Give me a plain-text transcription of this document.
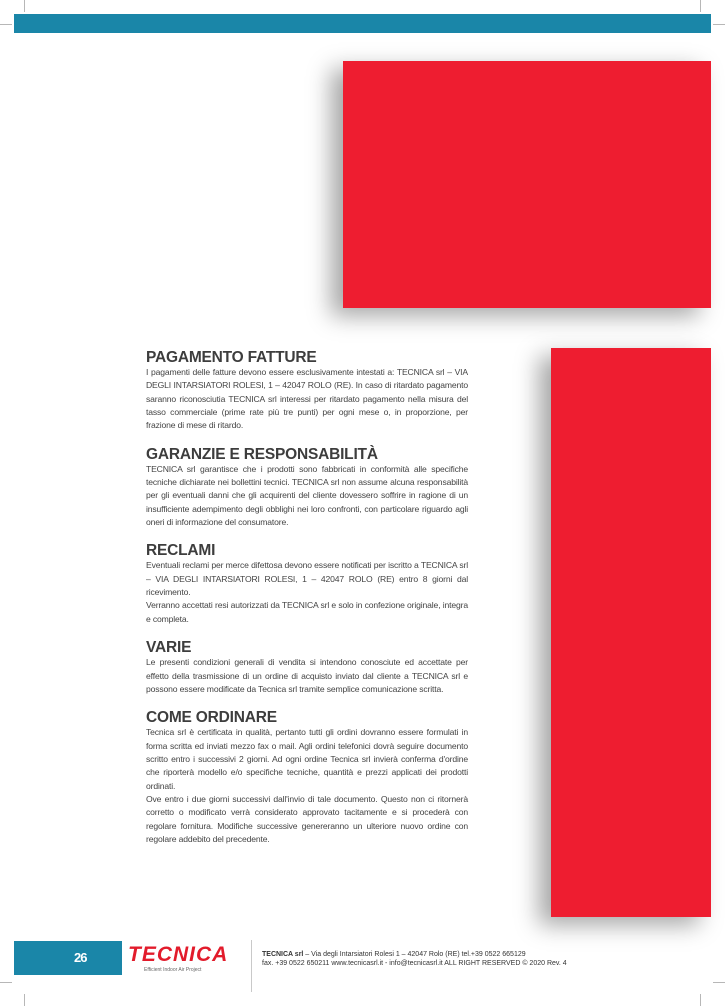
PAGAMENTO FATTURE

I pagamenti delle fatture devono essere esclusivamente intestati a: TECNICA srl – VIA DEGLI INTARSIATORI ROLESI, 1 – 42047 ROLO (RE). In caso di ritardato pagamento saranno riconosciutia TECNICA srl interessi per ritardato pagamento nella misura del tasso commerciale (prime rate più tre punti) per ogni mese o, in proporzione, per frazione di mese di ritardo.

GARANZIE E RESPONSABILITÀ

TECNICA srl garantisce che i prodotti sono fabbricati in conformità alle specifiche tecniche dichiarate nei bollettini tecnici. TECNICA srl non assume alcuna responsabilità per gli eventuali danni che gli acquirenti del cliente dovessero soffrire in ragione di un insufficiente adempimento degli obblighi nei loro confronti, con particolare riguardo agli oneri di informazione del consumatore.

RECLAMI

Eventuali reclami per merce difettosa devono essere notificati per iscritto a TECNICA srl – VIA DEGLI INTARSIATORI ROLESI, 1 – 42047 ROLO (RE) entro 8 giorni dal ricevimento.

Verranno accettati resi autorizzati da TECNICA srl e solo in confezione originale, integra e completa.

VARIE

Le presenti condizioni generali di vendita si intendono conosciute ed accettate per effetto della trasmissione di un ordine di acquisto inviato dal cliente a TECNICA srl e possono essere modificate da Tecnica srl tramite semplice comunicazione scritta.

COME ORDINARE

Tecnica srl è certificata in qualità, pertanto tutti gli ordini dovranno essere formulati in forma scritta ed inviati mezzo fax o mail. Agli ordini telefonici dovrà seguire documento scritto entro i successivi 2 giorni. Ad ogni ordine Tecnica srl invierà conferma d'ordine che riporterà modello e/o specifiche tecniche, quantità e prezzi applicati dei prodotti ordinati.

Ove entro i due giorni successivi dall'invio di tale documento. Questo non ci ritornerà corretto o modificato verrà considerato approvato tacitamente e si procederà con regolare fornitura. Modifiche successive genereranno un ulteriore nuovo ordine con regolare addebito del precedente.

26 TECNICA
Efficient Indoor Air Project
TECNICA srl – Via degli Intarsiatori Rolesi 1 – 42047 Rolo (RE) tel.+39 0522 665129
fax. +39 0522 650211 www.tecnicasrl.it - info@tecnicasrl.it ALL RIGHT RESERVED © 2020 Rev. 4
